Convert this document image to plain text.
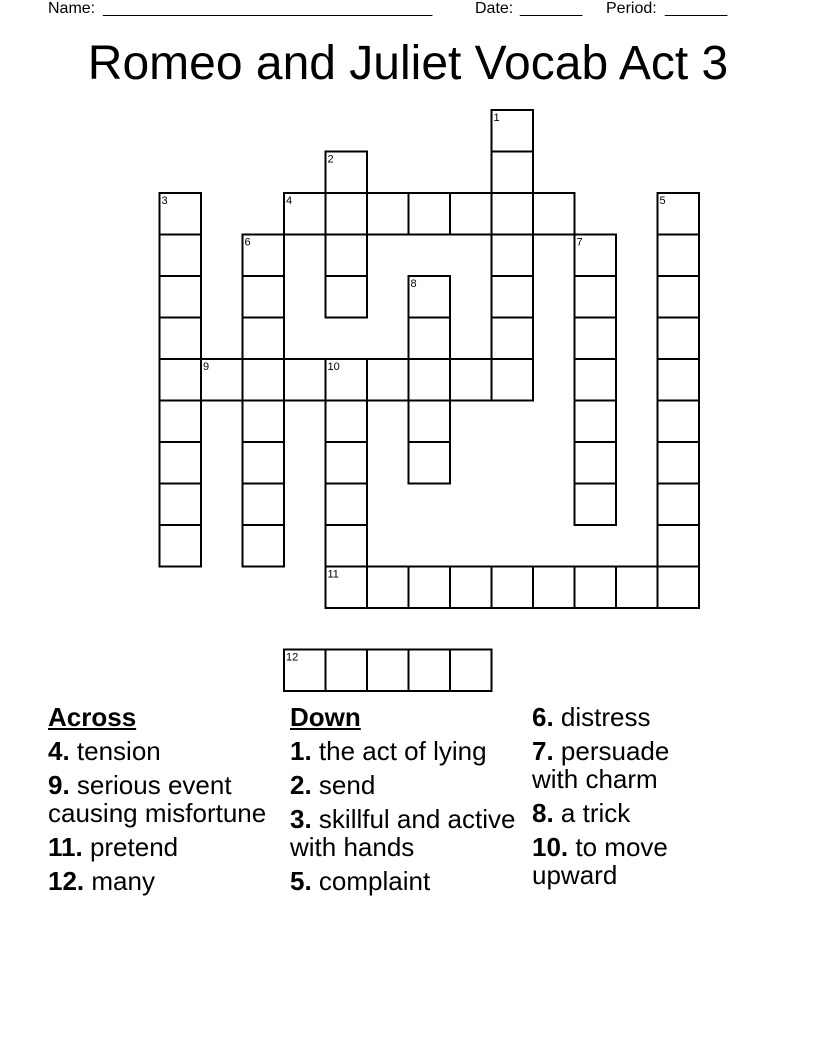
Name: _____________________________________	Date: _______ Period: _______
Romeo and Juliet Vocab Act 3
1
2
3	4	5
6	7
8
9	10
11
12
Across
4. tension
9. serious event causing misfortune
11. pretend
12. many
Down
1. the act of lying
2. send
3. skillful and active with hands
5. complaint
6. distress
7. persuade with charm
8. a trick
10. to move upward
